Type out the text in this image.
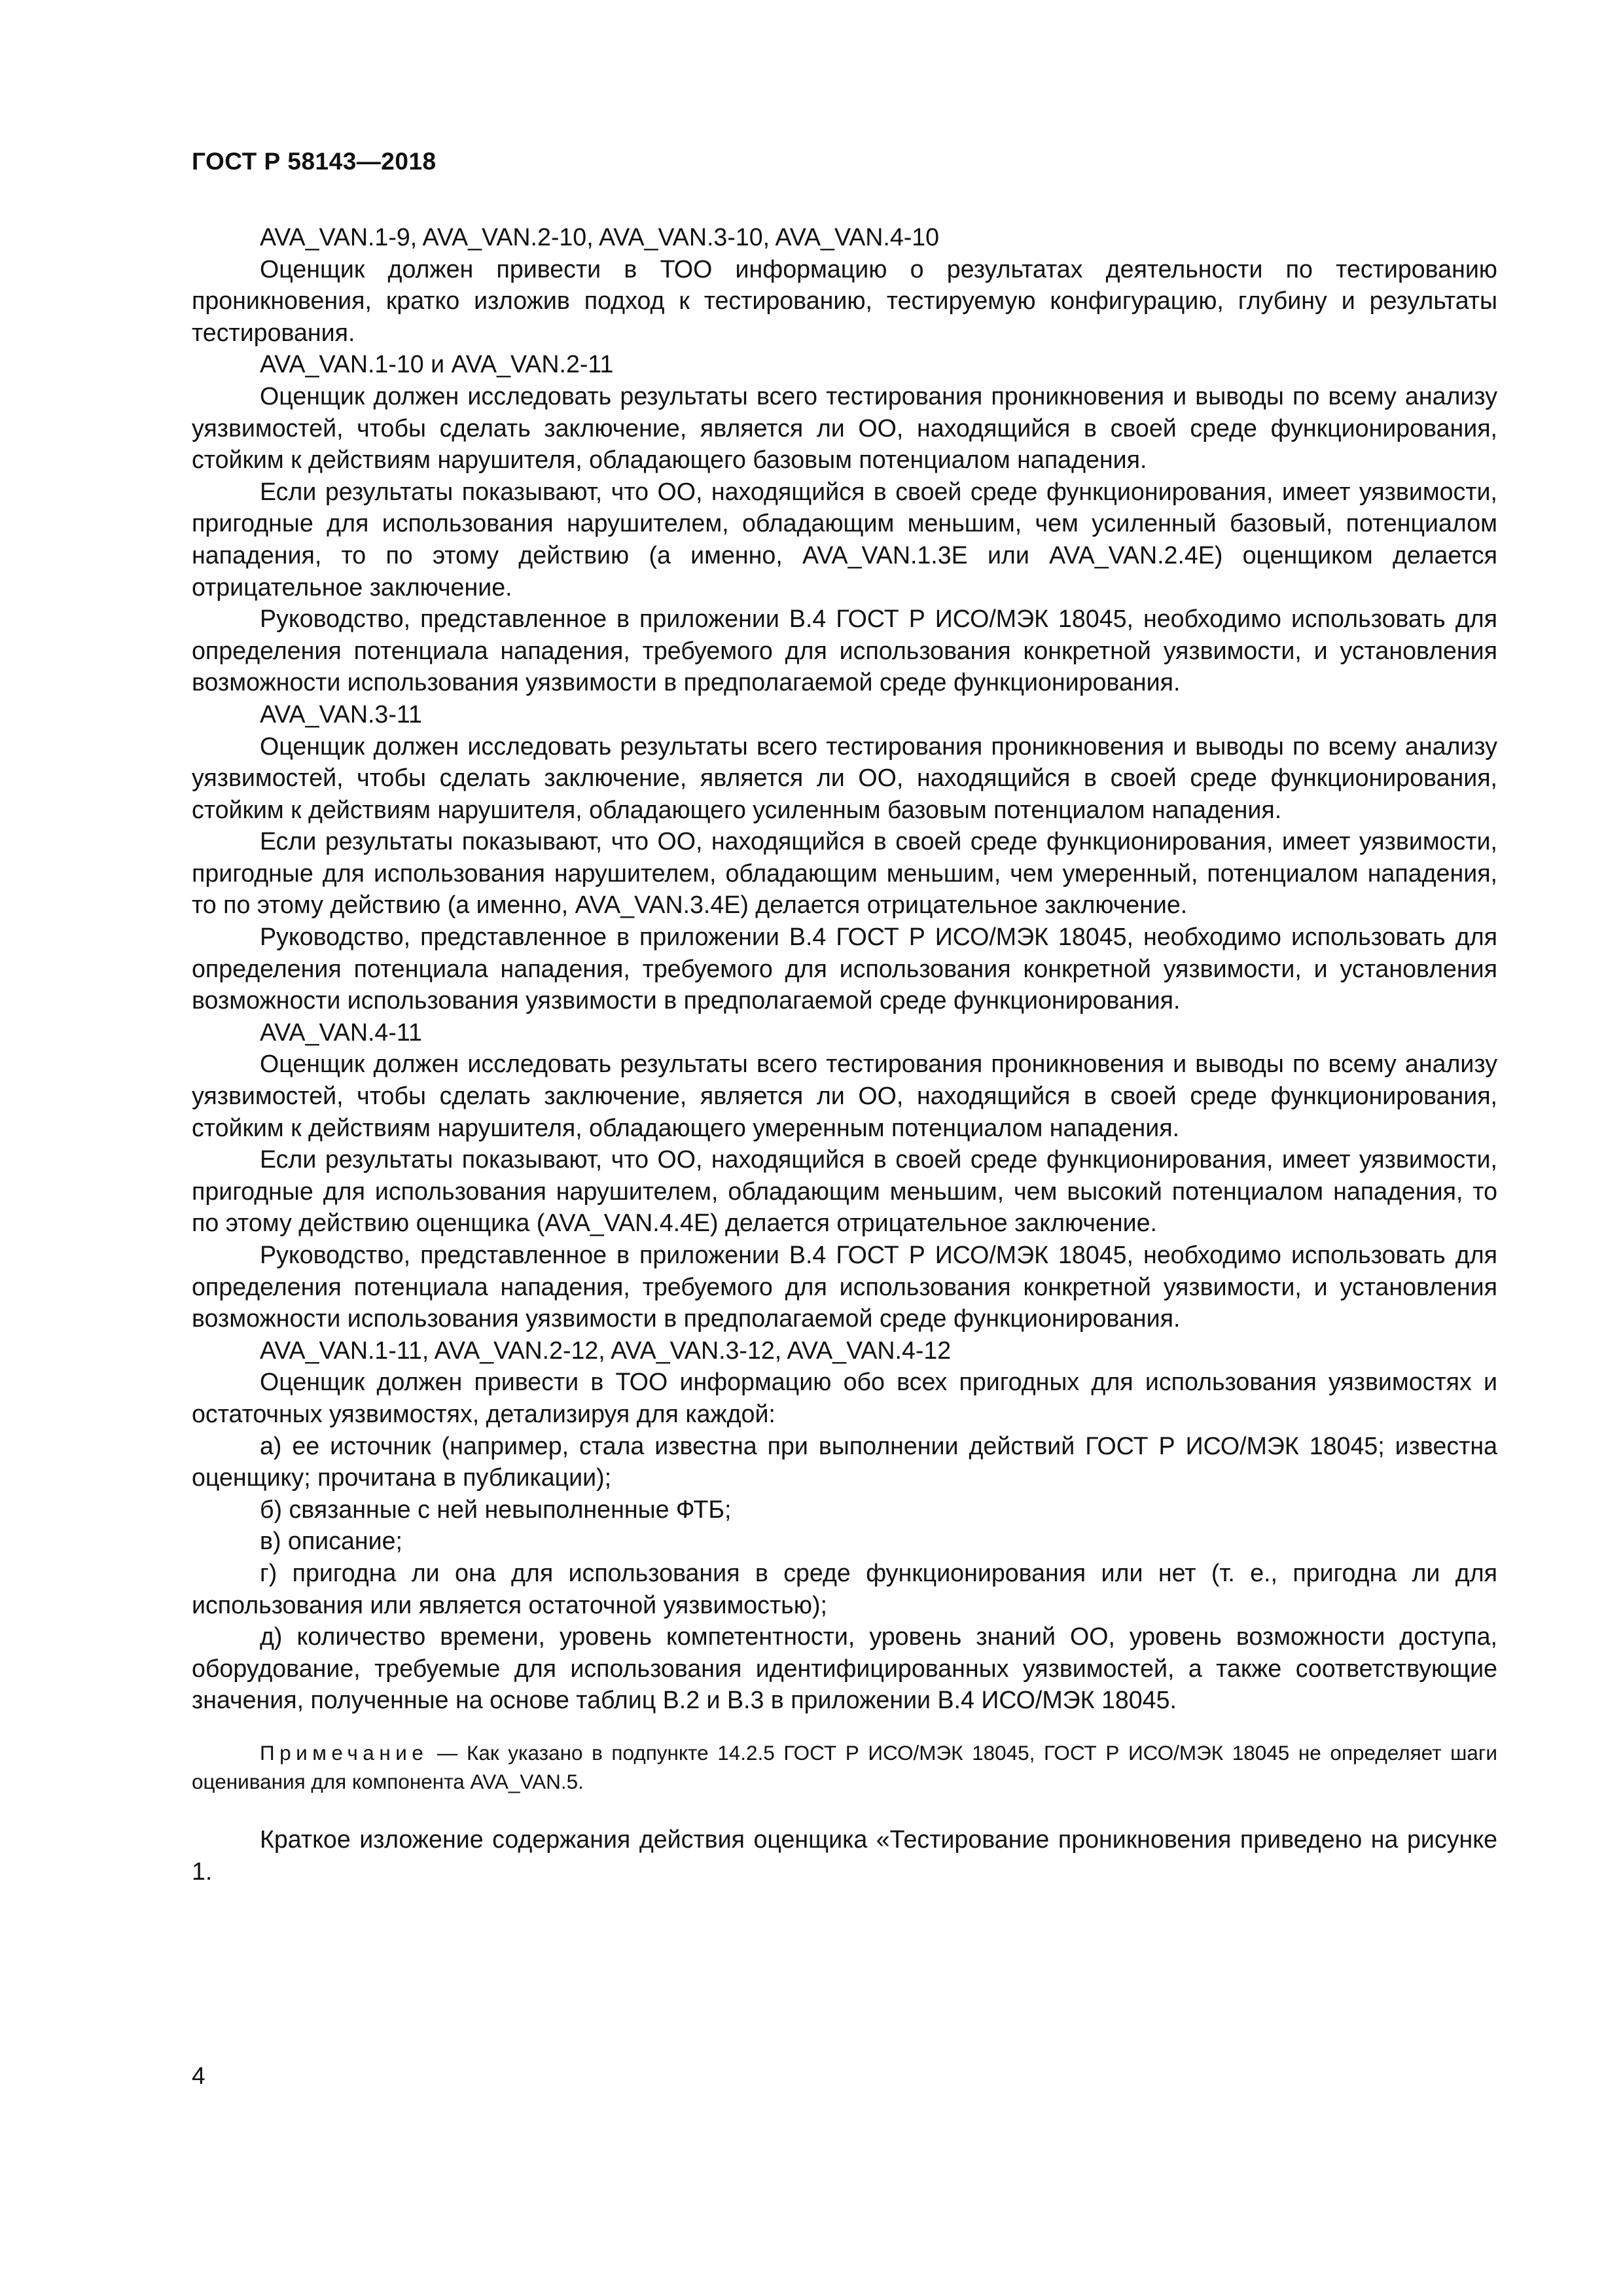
ГОСТ Р 58143—2018

AVA_VAN.1-9, AVA_VAN.2-10, AVA_VAN.3-10, AVA_VAN.4-10

Оценщик должен привести в ТОО информацию о результатах деятельности по тестированию проникновения, кратко изложив подход к тестированию, тестируемую конфигурацию, глубину и результаты тестирования.

AVA_VAN.1-10 и AVA_VAN.2-11

Оценщик должен исследовать результаты всего тестирования проникновения и выводы по всему анализу уязвимостей, чтобы сделать заключение, является ли ОО, находящийся в своей среде функционирования, стойким к действиям нарушителя, обладающего базовым потенциалом нападения.

Если результаты показывают, что ОО, находящийся в своей среде функционирования, имеет уязвимости, пригодные для использования нарушителем, обладающим меньшим, чем усиленный базовый, потенциалом нападения, то по этому действию (а именно, AVA_VAN.1.3E или AVA_VAN.2.4E) оценщиком делается отрицательное заключение.

Руководство, представленное в приложении B.4 ГОСТ Р ИСО/МЭК 18045, необходимо использовать для определения потенциала нападения, требуемого для использования конкретной уязвимости, и установления возможности использования уязвимости в предполагаемой среде функционирования.

AVA_VAN.3-11

Оценщик должен исследовать результаты всего тестирования проникновения и выводы по всему анализу уязвимостей, чтобы сделать заключение, является ли ОО, находящийся в своей среде функционирования, стойким к действиям нарушителя, обладающего усиленным базовым потенциалом нападения.

Если результаты показывают, что ОО, находящийся в своей среде функционирования, имеет уязвимости, пригодные для использования нарушителем, обладающим меньшим, чем умеренный, потенциалом нападения, то по этому действию (а именно, AVA_VAN.3.4E) делается отрицательное заключение.

Руководство, представленное в приложении B.4 ГОСТ Р ИСО/МЭК 18045, необходимо использовать для определения потенциала нападения, требуемого для использования конкретной уязвимости, и установления возможности использования уязвимости в предполагаемой среде функционирования.

AVA_VAN.4-11

Оценщик должен исследовать результаты всего тестирования проникновения и выводы по всему анализу уязвимостей, чтобы сделать заключение, является ли ОО, находящийся в своей среде функционирования, стойким к действиям нарушителя, обладающего умеренным потенциалом нападения.

Если результаты показывают, что ОО, находящийся в своей среде функционирования, имеет уязвимости, пригодные для использования нарушителем, обладающим меньшим, чем высокий потенциалом нападения, то по этому действию оценщика (AVA_VAN.4.4E) делается отрицательное заключение.

Руководство, представленное в приложении B.4 ГОСТ Р ИСО/МЭК 18045, необходимо использовать для определения потенциала нападения, требуемого для использования конкретной уязвимости, и установления возможности использования уязвимости в предполагаемой среде функционирования.

AVA_VAN.1-11, AVA_VAN.2-12, AVA_VAN.3-12, AVA_VAN.4-12

Оценщик должен привести в ТОО информацию обо всех пригодных для использования уязвимостях и остаточных уязвимостях, детализируя для каждой:

а) ее источник (например, стала известна при выполнении действий ГОСТ Р ИСО/МЭК 18045; известна оценщику; прочитана в публикации);

б) связанные с ней невыполненные ФТБ;

в) описание;

г) пригодна ли она для использования в среде функционирования или нет (т. е., пригодна ли для использования или является остаточной уязвимостью);

д) количество времени, уровень компетентности, уровень знаний ОО, уровень возможности доступа, оборудование, требуемые для использования идентифицированных уязвимостей, а также соответствующие значения, полученные на основе таблиц B.2 и B.3 в приложении B.4 ИСО/МЭК 18045.

Примечание — Как указано в подпункте 14.2.5 ГОСТ Р ИСО/МЭК 18045, ГОСТ Р ИСО/МЭК 18045 не определяет шаги оценивания для компонента AVA_VAN.5.

Краткое изложение содержания действия оценщика «Тестирование проникновения приведено на рисунке 1.

4
